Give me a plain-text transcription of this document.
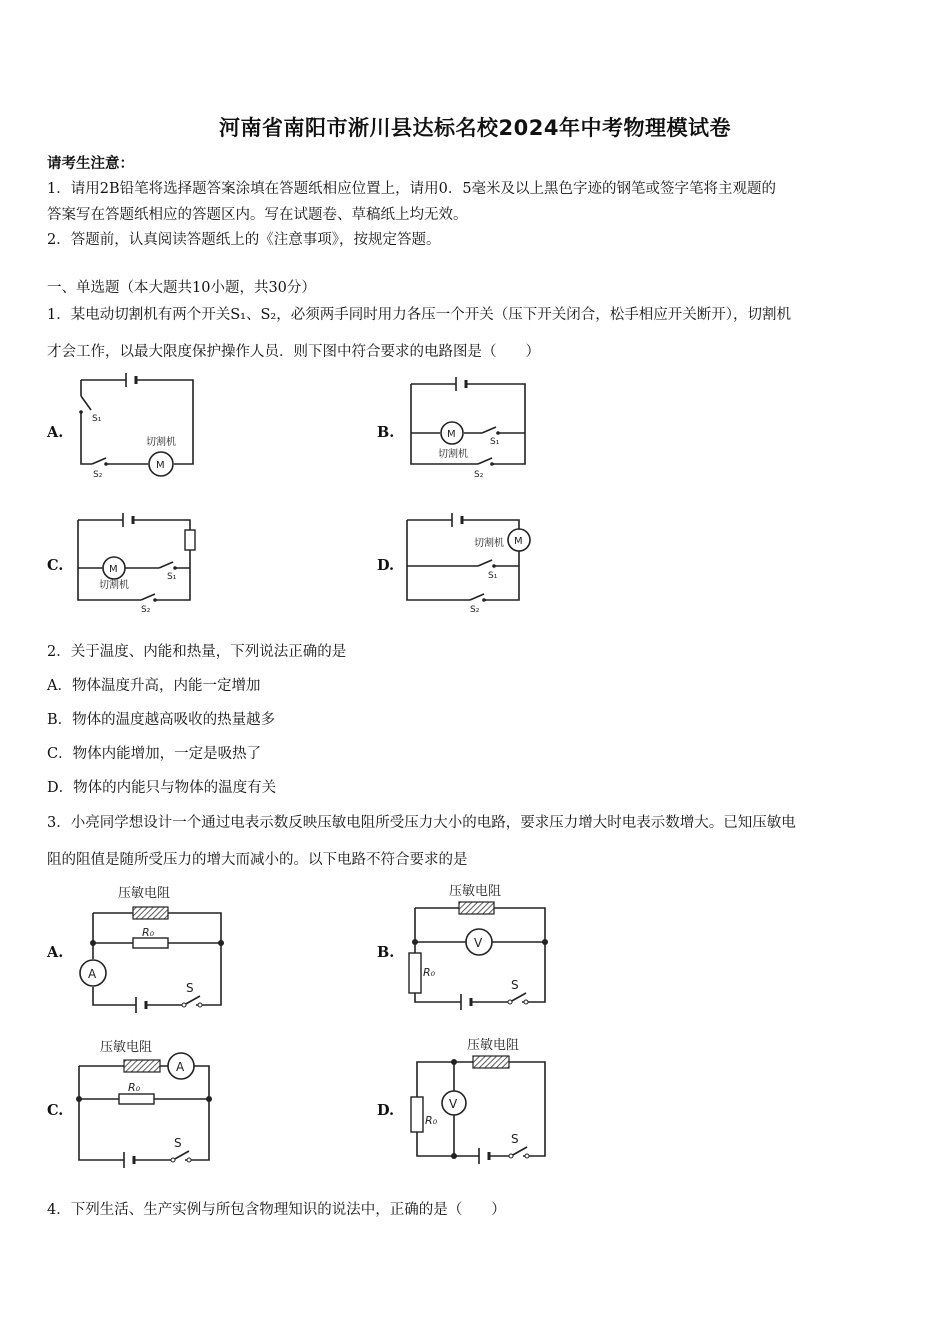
河南省南阳市淅川县达标名校2024年中考物理模试卷
请考生注意：
1．请用2B铅笔将选择题答案涂填在答题纸相应位置上，请用0．5毫米及以上黑色字迹的钢笔或签字笔将主观题的
答案写在答题纸相应的答题区内。写在试题卷、草稿纸上均无效。
2．答题前，认真阅读答题纸上的《注意事项》，按规定答题。
一、单选题（本大题共10小题，共30分）
1．某电动切割机有两个开关S₁、S₂，必须两手同时用力各压一个开关（压下开关闭合，松手相应开关断开），切割机
才会工作，以最大限度保护操作人员．则下图中符合要求的电路图是（　　）
A.	B.
C.	D.
S₁
S₂
M
切割机
M
S₁
切割机
S₂
M
S₁
切割机
S₂
M
切割机
S₁
S₂
2．关于温度、内能和热量，下列说法正确的是
A．物体温度升高，内能一定增加
B．物体的温度越高吸收的热量越多
C．物体内能增加，一定是吸热了
D．物体的内能只与物体的温度有关
3．小亮同学想设计一个通过电表示数反映压敏电阻所受压力大小的电路，要求压力增大时电表示数增大。已知压敏电
阻的阻值是随所受压力的增大而减小的。以下电路不符合要求的是
A.	B.
C.	D.
压敏电阻
R₀
A
S
压敏电阻
V
R₀
S
压敏电阻
A
R₀
S
压敏电阻
R₀
V
S
4．下列生活、生产实例与所包含物理知识的说法中，正确的是（　　）
